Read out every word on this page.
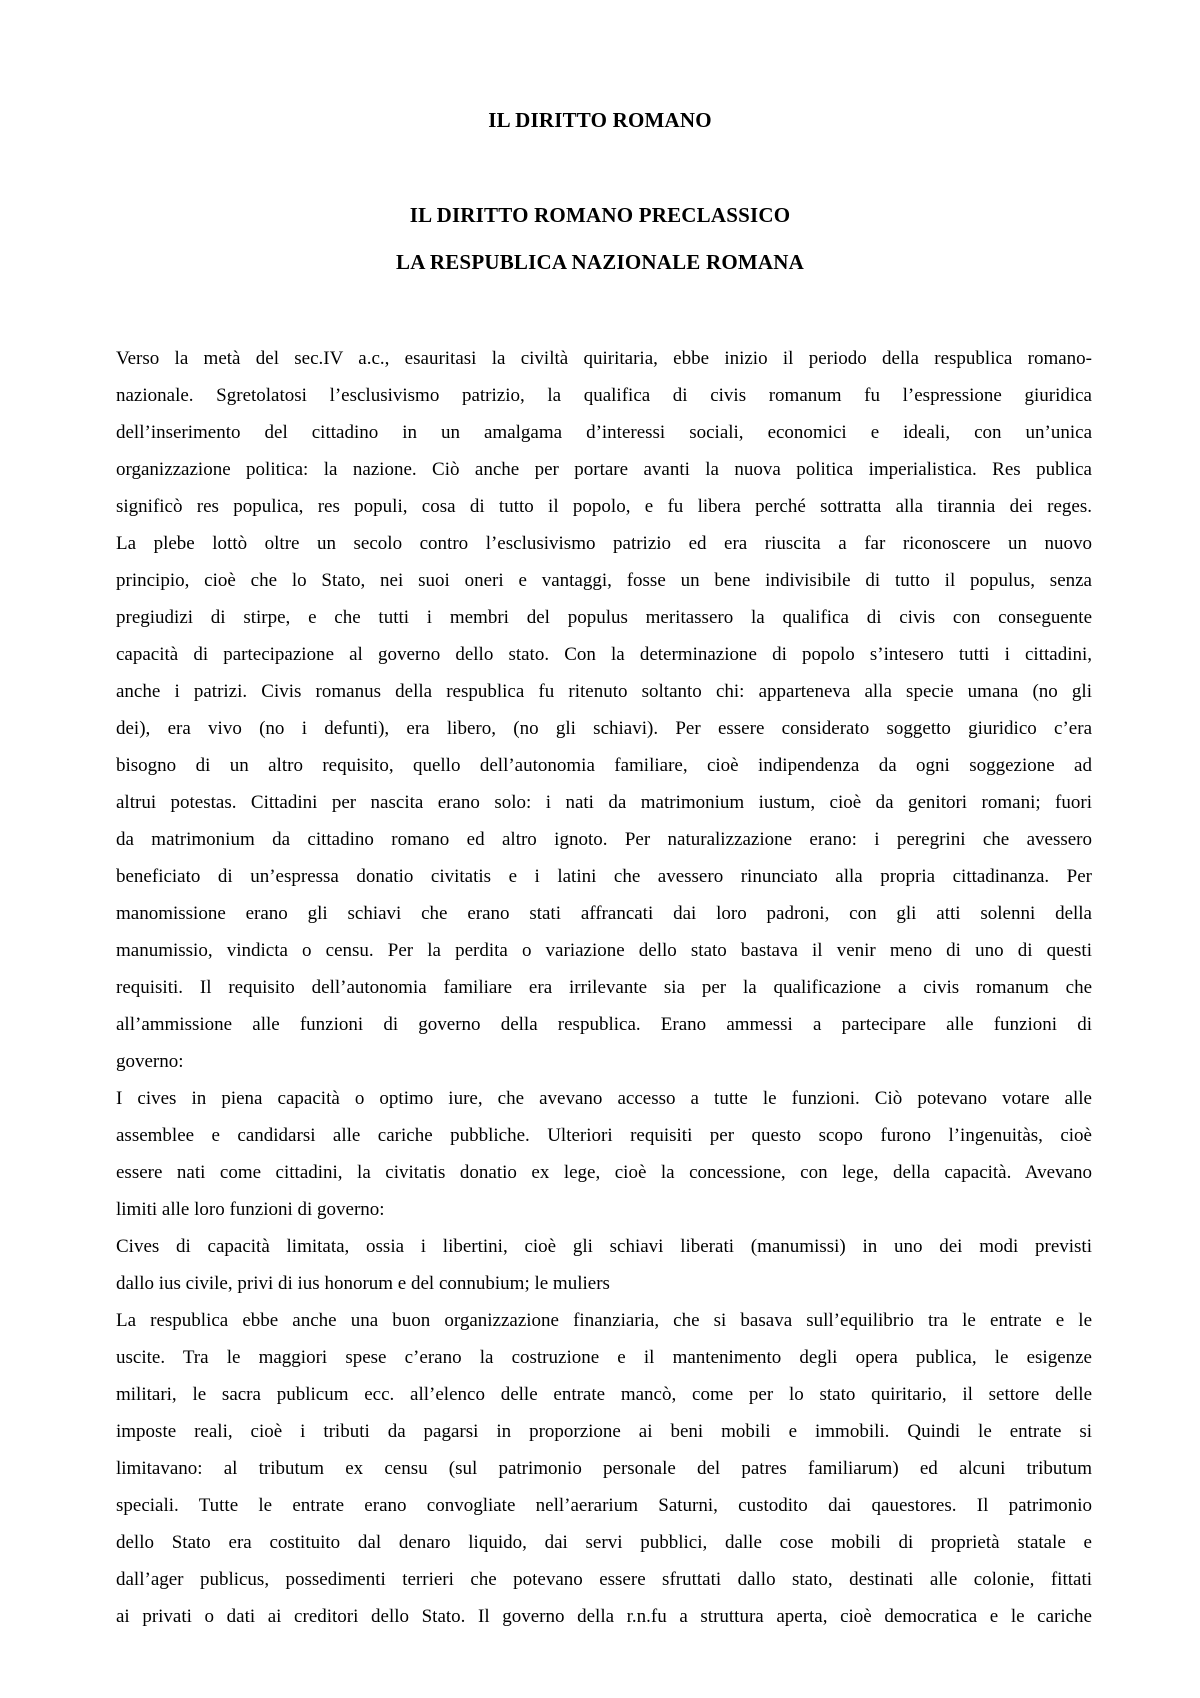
IL DIRITTO ROMANO
IL DIRITTO ROMANO PRECLASSICO
LA RESPUBLICA NAZIONALE ROMANA
Verso la metà del sec.IV a.c., esauritasi la civiltà quiritaria, ebbe inizio il periodo della respublica romano-
nazionale. Sgretolatosi l’esclusivismo patrizio, la qualifica di civis romanum fu l’espressione giuridica
dell’inserimento del cittadino in un amalgama d’interessi sociali, economici e ideali, con un’unica
organizzazione politica: la nazione. Ciò anche per portare avanti la nuova politica imperialistica. Res publica
significò res populica, res populi, cosa di tutto il popolo, e fu libera perché sottratta alla tirannia dei reges.
La plebe lottò oltre un secolo contro l’esclusivismo patrizio ed era riuscita a far riconoscere un nuovo
principio, cioè che lo Stato, nei suoi oneri e vantaggi, fosse un bene indivisibile di tutto il populus, senza
pregiudizi di stirpe, e che tutti i membri del populus meritassero la qualifica di civis con conseguente
capacità di partecipazione al governo dello stato. Con la determinazione di popolo s’intesero tutti i cittadini,
anche i patrizi. Civis romanus della respublica fu ritenuto soltanto chi: apparteneva alla specie umana (no gli
dei), era vivo (no i defunti), era libero, (no gli schiavi). Per essere considerato soggetto giuridico c’era
bisogno di un altro requisito, quello dell’autonomia familiare, cioè indipendenza da ogni soggezione ad
altrui potestas. Cittadini per nascita erano solo: i nati da matrimonium iustum, cioè da genitori romani; fuori
da matrimonium da cittadino romano ed altro ignoto. Per naturalizzazione erano: i peregrini che avessero
beneficiato di un’espressa donatio civitatis e i latini che avessero rinunciato alla propria cittadinanza. Per
manomissione erano gli schiavi che erano stati affrancati dai loro padroni, con gli atti solenni della
manumissio, vindicta o censu. Per la perdita o variazione dello stato bastava il venir meno di uno di questi
requisiti. Il requisito dell’autonomia familiare era irrilevante sia per la qualificazione a civis romanum che
all’ammissione alle funzioni di governo della respublica. Erano ammessi a partecipare alle funzioni di
governo:
I cives in piena capacità o optimo iure, che avevano accesso a tutte le funzioni. Ciò potevano votare alle
assemblee e candidarsi alle cariche pubbliche. Ulteriori requisiti per questo scopo furono l’ingenuitàs, cioè
essere nati come cittadini, la civitatis donatio ex lege, cioè la concessione, con lege, della capacità. Avevano
limiti alle loro funzioni di governo:
Cives di capacità limitata, ossia i libertini, cioè gli schiavi liberati (manumissi) in uno dei modi previsti
dallo ius civile, privi di ius honorum e del connubium; le muliers
La respublica ebbe anche una buon organizzazione finanziaria, che si basava sull’equilibrio tra le entrate e le
uscite. Tra le maggiori spese c’erano la costruzione e il mantenimento degli opera publica, le esigenze
militari, le sacra publicum ecc. all’elenco delle entrate mancò, come per lo stato quiritario, il settore delle
imposte reali, cioè i tributi da pagarsi in proporzione ai beni mobili e immobili. Quindi le entrate si
limitavano: al tributum ex censu (sul patrimonio personale del patres familiarum) ed alcuni tributum
speciali. Tutte le entrate erano convogliate nell’aerarium Saturni, custodito dai qauestores. Il patrimonio
dello Stato era costituito dal denaro liquido, dai servi pubblici, dalle cose mobili di proprietà statale e
dall’ager publicus, possedimenti terrieri che potevano essere sfruttati dallo stato, destinati alle colonie, fittati
ai privati o dati ai creditori dello Stato. Il governo della r.n.fu a struttura aperta, cioè democratica e le cariche
